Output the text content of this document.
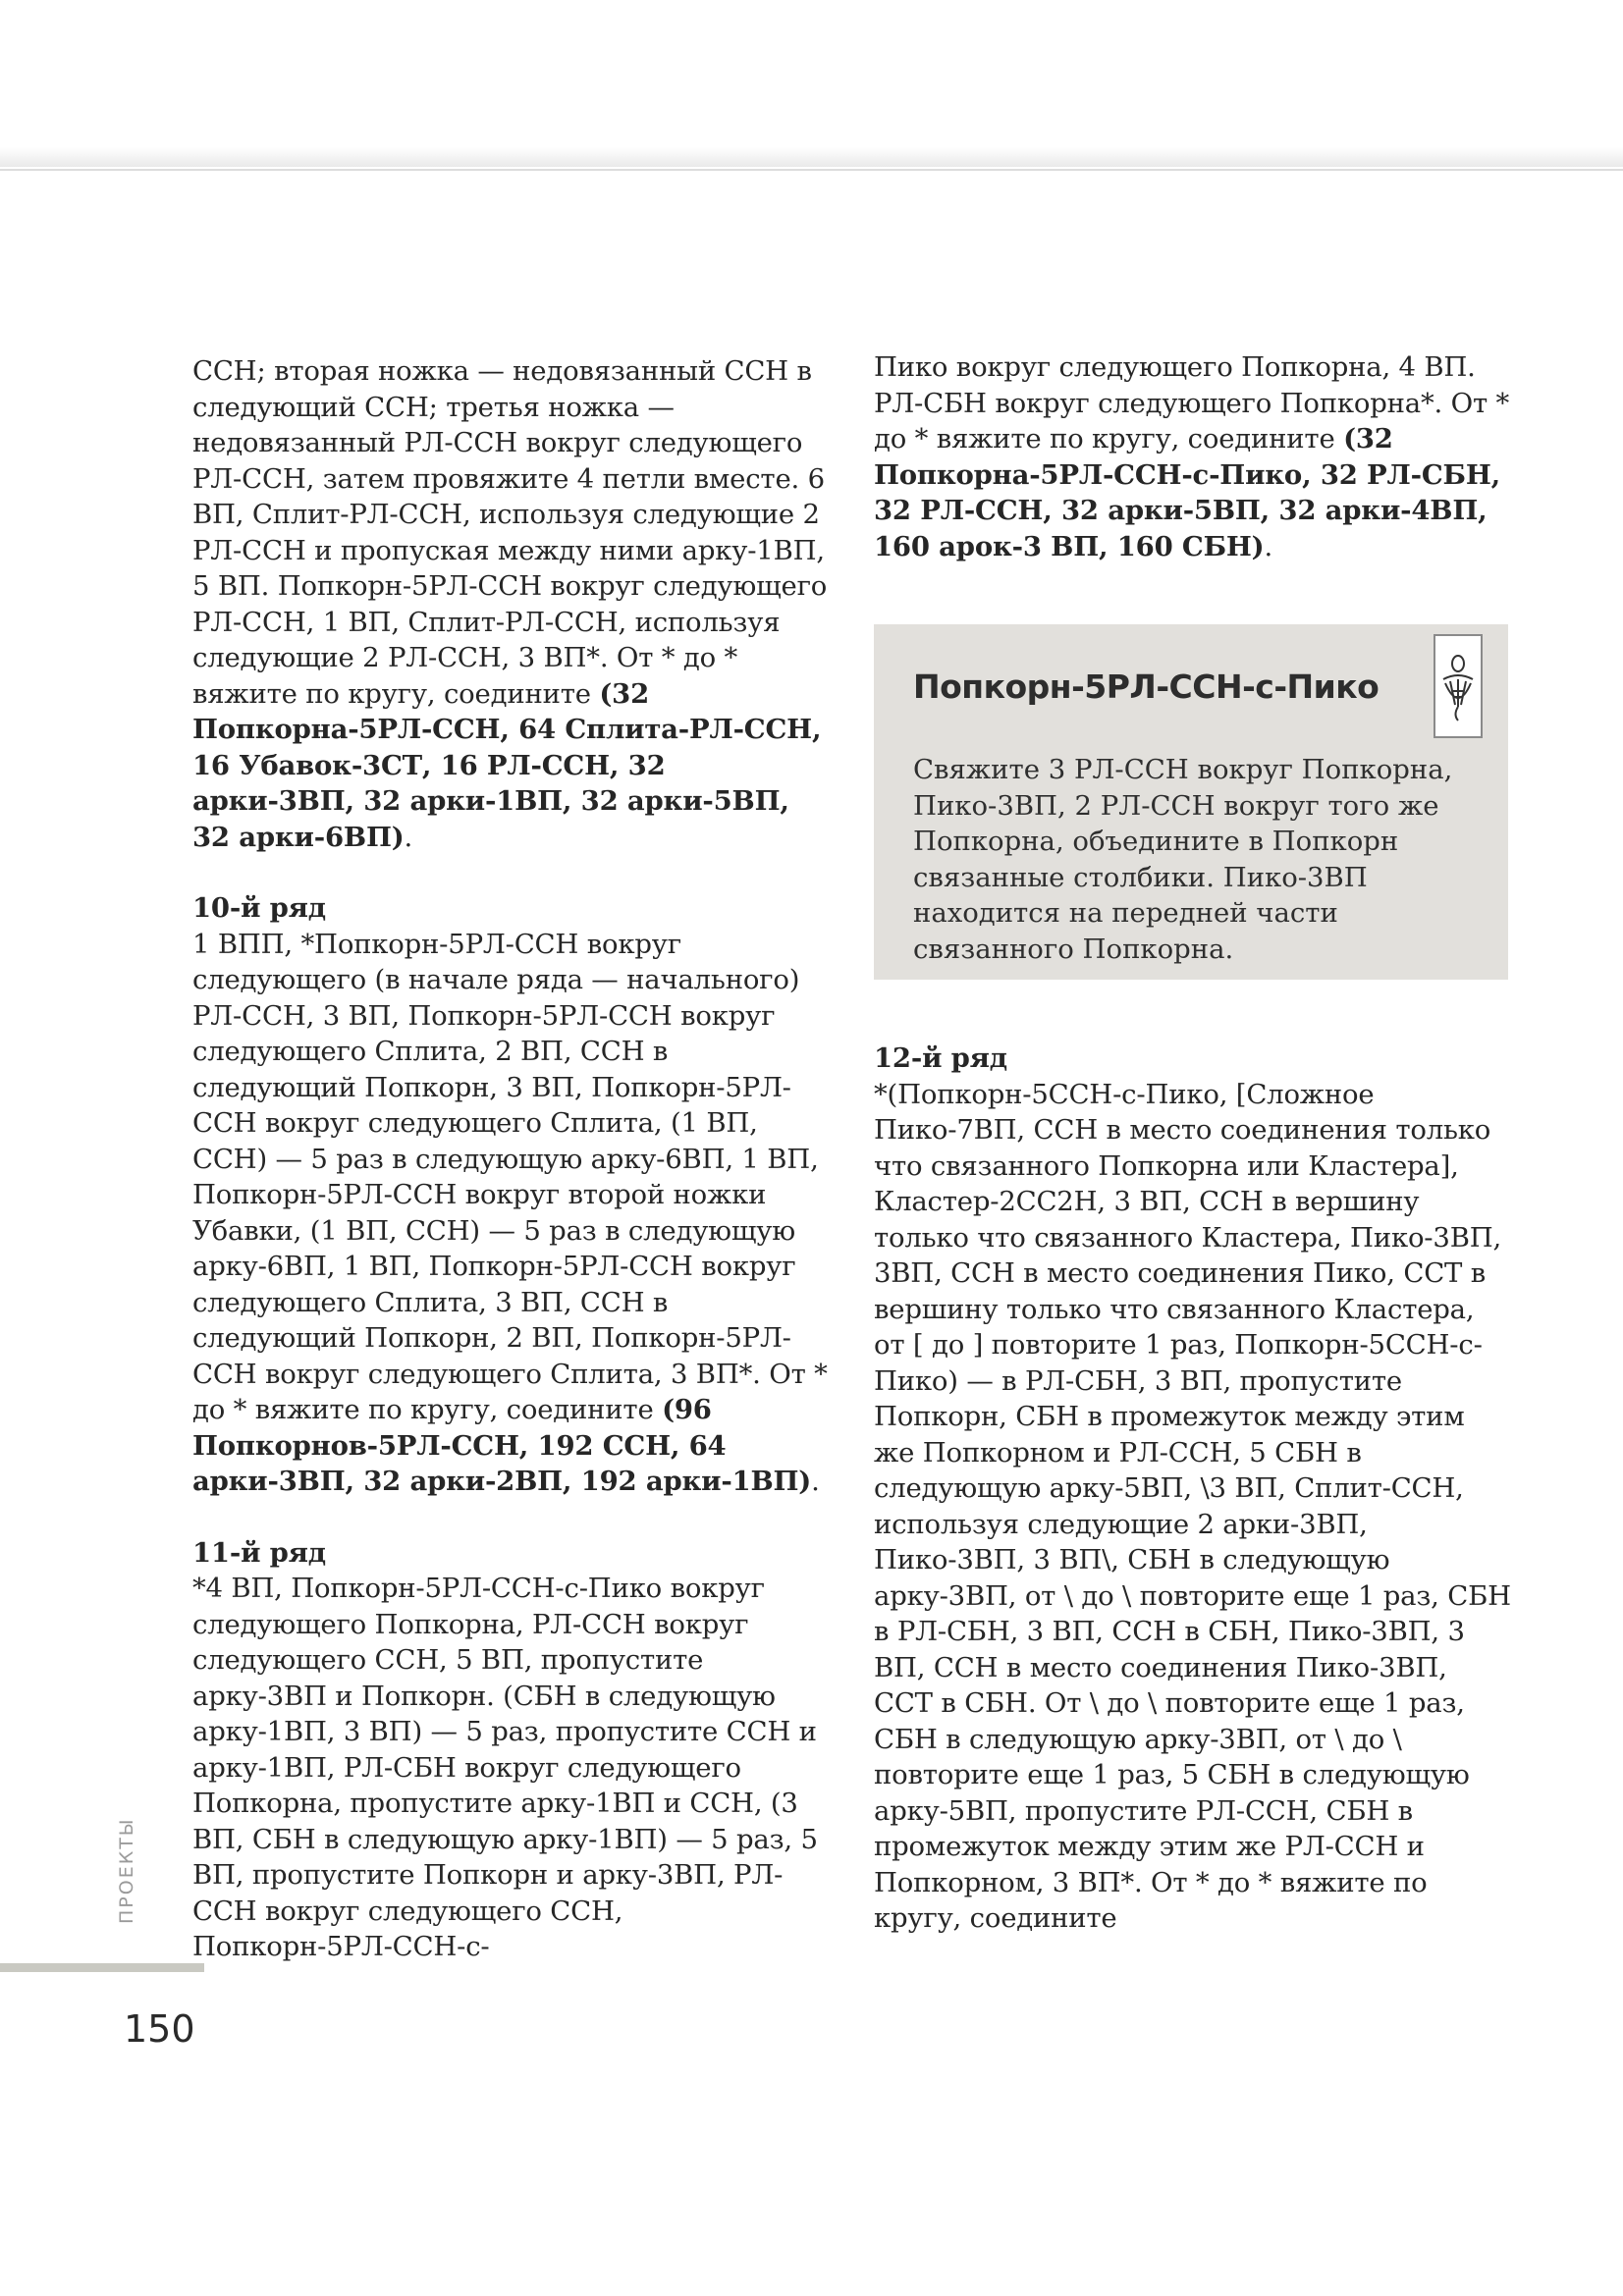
ССН; вторая ножка — недовязанный ССН в следующий ССН; третья ножка — недовязанный РЛ-ССН вокруг следующего РЛ-ССН, затем провяжите 4 петли вместе. 6 ВП, Сплит-РЛ-ССН, используя следующие 2 РЛ-ССН и пропуская между ними арку-1ВП, 5 ВП. Попкорн-5РЛ-ССН вокруг следующего РЛ-ССН, 1 ВП, Сплит-РЛ-ССН, используя следующие 2 РЛ-ССН, 3 ВП*. От * до * вяжите по кругу, соедините (32 Попкорна-5РЛ-ССН, 64 Сплита-РЛ-ССН, 16 Убавок-3СТ, 16 РЛ-ССН, 32 арки-3ВП, 32 арки-1ВП, 32 арки-5ВП, 32 арки-6ВП).

10-й ряд

1 ВПП, *Попкорн-5РЛ-ССН вокруг следующего (в начале ряда — начального) РЛ-ССН, 3 ВП, Попкорн-5РЛ-ССН вокруг следующего Сплита, 2 ВП, ССН в следующий Попкорн, 3 ВП, Попкорн-5РЛ-ССН вокруг следующего Сплита, (1 ВП, ССН) — 5 раз в следующую арку-6ВП, 1 ВП, Попкорн-5РЛ-ССН вокруг второй ножки Убавки, (1 ВП, ССН) — 5 раз в следующую арку-6ВП, 1 ВП, Попкорн-5РЛ-ССН вокруг следующего Сплита, 3 ВП, ССН в следующий Попкорн, 2 ВП, Попкорн-5РЛ-ССН вокруг следующего Сплита, 3 ВП*. От * до * вяжите по кругу, соедините (96 Попкорнов-5РЛ-ССН, 192 ССН, 64 арки-3ВП, 32 арки-2ВП, 192 арки-1ВП).

11-й ряд

*4 ВП, Попкорн-5РЛ-ССН-с-Пико вокруг следующего Попкорна, РЛ-ССН вокруг следующего ССН, 5 ВП, пропустите арку-3ВП и Попкорн. (СБН в следующую арку-1ВП, 3 ВП) — 5 раз, пропустите ССН и арку-1ВП, РЛ-СБН вокруг следующего Попкорна, пропустите арку-1ВП и ССН, (3 ВП, СБН в следующую арку-1ВП) — 5 раз, 5 ВП, пропустите Попкорн и арку-3ВП, РЛ-ССН вокруг следующего ССН, Попкорн-5РЛ-ССН-с-

Пико вокруг следующего Попкорна, 4 ВП. РЛ-СБН вокруг следующего Попкорна*. От * до * вяжите по кругу, соедините (32 Попкорна-5РЛ-ССН-с-Пико, 32 РЛ-СБН, 32 РЛ-ССН, 32 арки-5ВП, 32 арки-4ВП, 160 арок-3 ВП, 160 СБН).

Попкорн-5РЛ-ССН-с-Пико
Свяжите 3 РЛ-ССН вокруг Попкорна, Пико-3ВП, 2 РЛ-ССН вокруг того же Попкорна, объедините в Попкорн связанные столбики. Пико-3ВП находится на передней части связанного Попкорна.

12-й ряд

*(Попкорн-5ССН-с-Пико, [Сложное Пико-7ВП, ССН в место соединения только что связанного Попкорна или Кластера], Кластер-2СС2Н, 3 ВП, ССН в вершину только что связанного Кластера, Пико-3ВП, 3ВП, ССН в место соединения Пико, ССТ в вершину только что связанного Кластера, от [ до ] повторите 1 раз, Попкорн-5ССН-с-Пико) — в РЛ-СБН, 3 ВП, пропустите Попкорн, СБН в промежуток между этим же Попкорном и РЛ-ССН, 5 СБН в следующую арку-5ВП, \3 ВП, Сплит-ССН, используя следующие 2 арки-3ВП, Пико-3ВП, 3 ВП\, СБН в следующую арку-3ВП, от \ до \ повторите еще 1 раз, СБН в РЛ-СБН, 3 ВП, ССН в СБН, Пико-3ВП, 3 ВП, ССН в место соединения Пико-3ВП, ССТ в СБН. От \ до \ повторите еще 1 раз, СБН в следующую арку-3ВП, от \ до \ повторите еще 1 раз, 5 СБН в следующую арку-5ВП, пропустите РЛ-ССН, СБН в промежуток между этим же РЛ-ССН и Попкорном, 3 ВП*. От * до * вяжите по кругу, соедините

ПРОЕКТЫ
150
